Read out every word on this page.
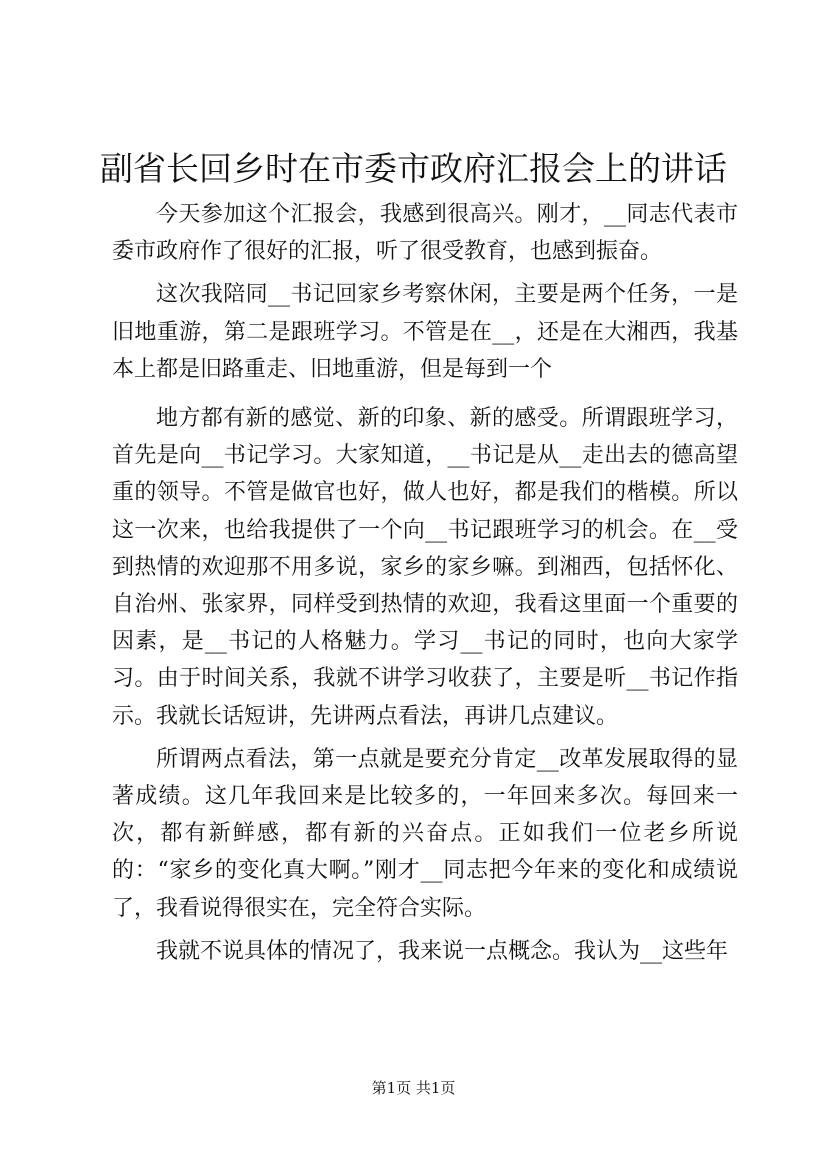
副省长回乡时在市委市政府汇报会上的讲话

今天参加这个汇报会，我感到很高兴。刚才，__同志代表市委市政府作了很好的汇报，听了很受教育，也感到振奋。

这次我陪同__书记回家乡考察休闲，主要是两个任务，一是旧地重游，第二是跟班学习。不管是在__，还是在大湘西，我基本上都是旧路重走、旧地重游，但是每到一个

地方都有新的感觉、新的印象、新的感受。所谓跟班学习，首先是向__书记学习。大家知道，__书记是从__走出去的德高望重的领导。不管是做官也好，做人也好，都是我们的楷模。所以这一次来，也给我提供了一个向__书记跟班学习的机会。在__受到热情的欢迎那不用多说，家乡的家乡嘛。到湘西，包括怀化、自治州、张家界，同样受到热情的欢迎，我看这里面一个重要的因素，是__书记的人格魅力。学习__书记的同时，也向大家学习。由于时间关系，我就不讲学习收获了，主要是听__书记作指示。我就长话短讲，先讲两点看法，再讲几点建议。

所谓两点看法，第一点就是要充分肯定__改革发展取得的显著成绩。这几年我回来是比较多的，一年回来多次。每回来一次，都有新鲜感，都有新的兴奋点。正如我们一位老乡所说的：“家乡的变化真大啊。”刚才__同志把今年来的变化和成绩说了，我看说得很实在，完全符合实际。

我就不说具体的情况了，我来说一点概念。我认为__这些年

第1页 共1页
